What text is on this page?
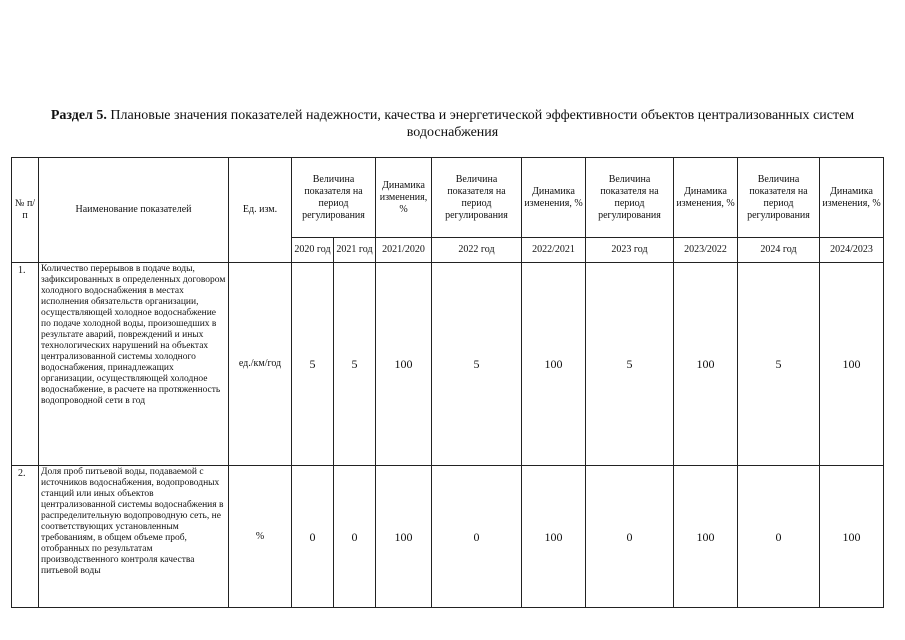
Раздел 5. Плановые значения показателей надежности, качества и энергетической эффективности объектов централизованных систем водоснабжения
№ п/п	Наименование показателей	Ед. изм.	Величина показателя на период регулирования		Динамика изменения, %	Величина показателя на период регулирования	Динамика изменения, %	Величина показателя на период регулирования	Динамика изменения, %	Величина показателя на период регулирования	Динамика изменения, %
			2020 год	2021 год	2021/2020	2022 год	2022/2021	2023 год	2023/2022	2024 год	2024/2023
1.	Количество перерывов в подаче воды, зафиксированных в определенных договором холодного водоснабжения в местах исполнения обязательств организации, осуществляющей холодное водоснабжение по подаче холодной воды, произошедших в результате аварий, повреждений и иных технологических нарушений на объектах централизованной системы холодного водоснабжения, принадлежащих организации, осуществляющей холодное водоснабжение, в расчете на протяженность водопроводной сети в год	ед./км/год	5	5	100	5	100	5	100	5	100
2.	Доля проб питьевой воды, подаваемой с источников водоснабжения, водопроводных станций или иных объектов централизованной системы водоснабжения в распределительную водопроводную сеть, не соответствующих установленным требованиям, в общем объеме проб, отобранных по результатам производственного контроля качества питьевой воды	%	0	0	100	0	100	0	100	0	100
